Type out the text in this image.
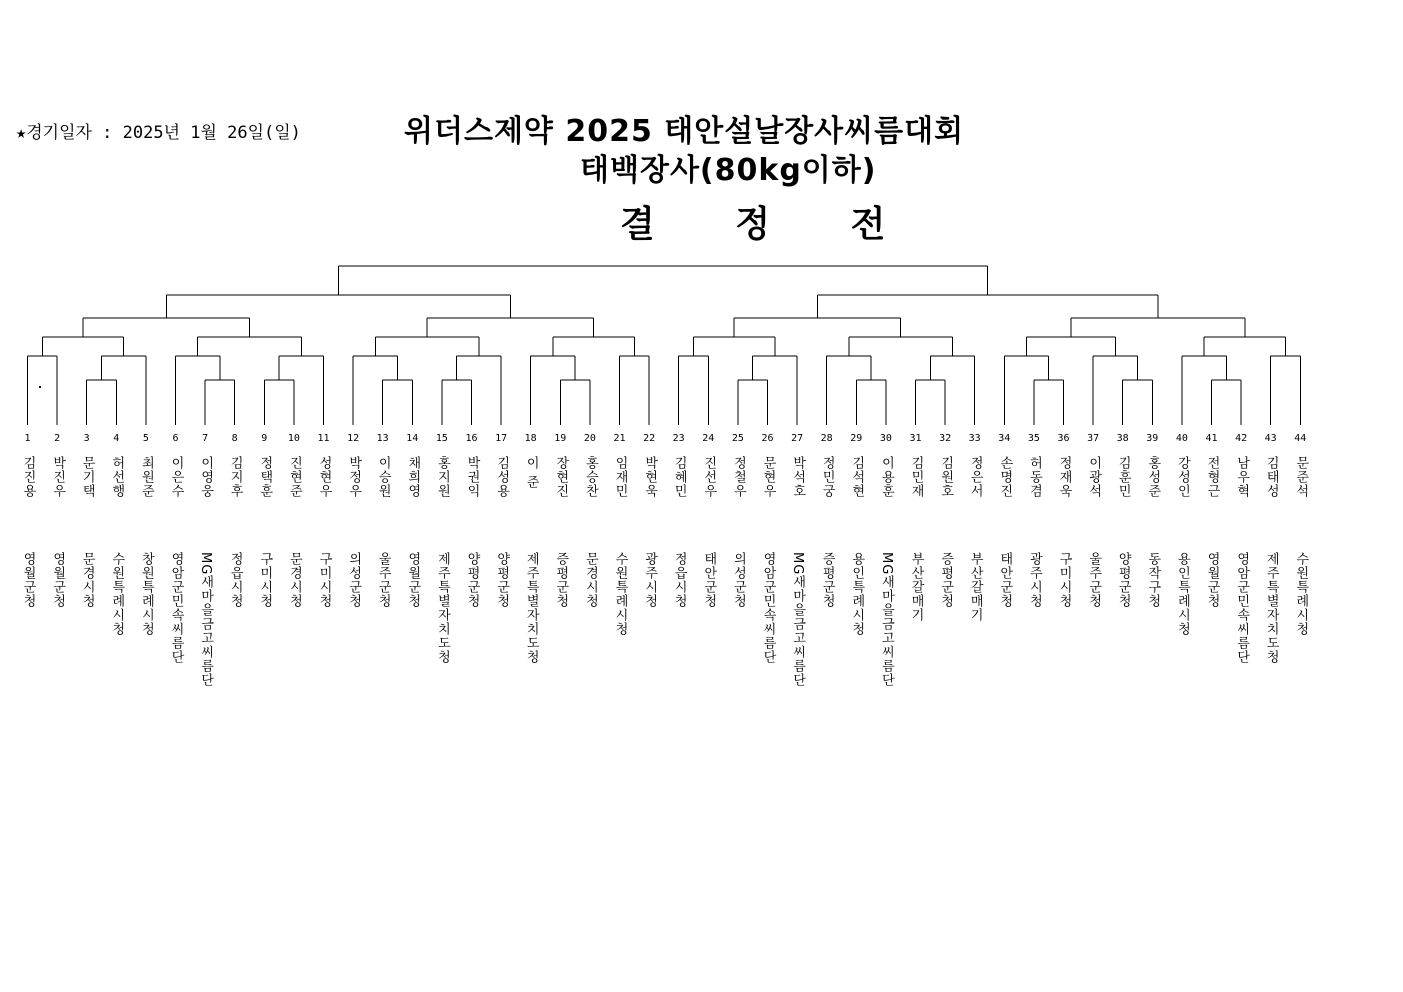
★경기일자 : 2025년 1월 26일(일)	위더스제약 2025 태안설날장사씨름대회
태백장사(80kg이하)
결 정 전
1
김진용
영월군청
2
박진우
영월군청
3
문기택
문경시청
4
허선행
수원특례시청
5
최원준
창원특례시청
6
이은수
영암군민속씨름단
7
이영웅
MG새마을금고씨름단
8
김지후
정읍시청
9
정택훈
구미시청
10
진현준
문경시청
11
성현우
구미시청
12
박정우
의성군청
13
이승원
울주군청
14
채희영
영월군청
15
홍지원
제주특별자치도청
16
박권익
양평군청
17
김성용
양평군청
18
이 준
제주특별자치도청
19
장현진
증평군청
20
홍승찬
문경시청
21
임재민
수원특례시청
22
박현욱
광주시청
23
김혜민
정읍시청
24
진선우
태안군청
25
정철우
의성군청
26
문현우
영암군민속씨름단
27
박석호
MG새마을금고씨름단
28
정민궁
증평군청
29
김석현
용인특례시청
30
이용훈
MG새마을금고씨름단
31
김민재
부산갈매기
32
김원호
증평군청
33
정은서
부산갈매기
34
손명진
태안군청
35
허동겸
광주시청
36
정재욱
구미시청
37
이광석
울주군청
38
김훈민
양평군청
39
홍성준
동작구청
40
강성인
용인특례시청
41
전형근
영월군청
42
남우혁
영암군민속씨름단
43
김태성
제주특별자치도청
44
문준석
수원특례시청
